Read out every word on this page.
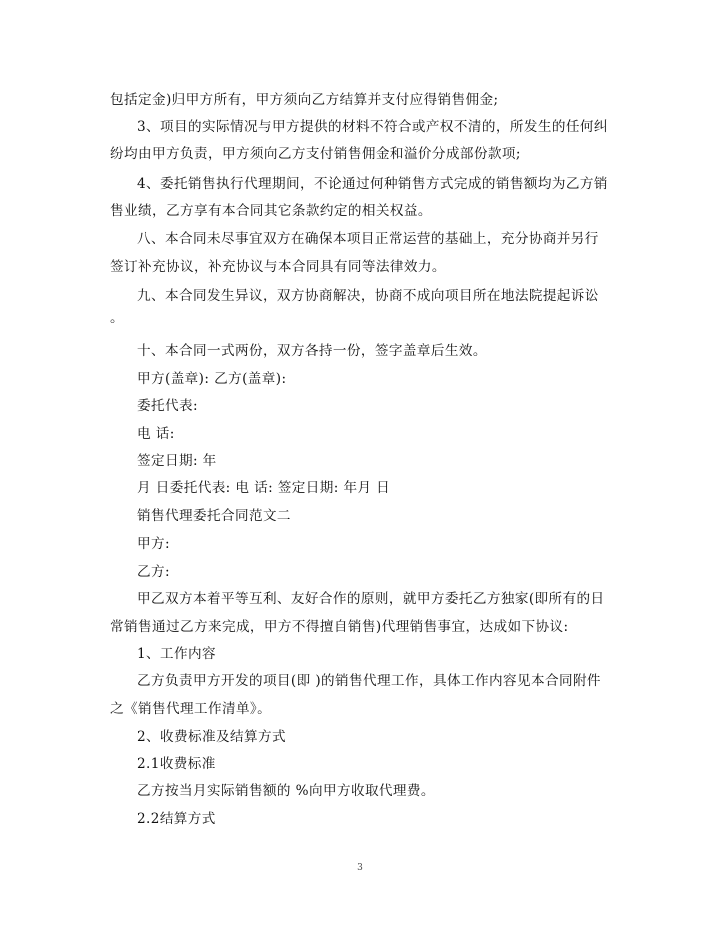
包括定金)归甲方所有，甲方须向乙方结算并支付应得销售佣金;
3、项目的实际情况与甲方提供的材料不符合或产权不清的，所发生的任何纠
纷均由甲方负责，甲方须向乙方支付销售佣金和溢价分成部份款项;
4、委托销售执行代理期间，不论通过何种销售方式完成的销售额均为乙方销
售业绩，乙方享有本合同其它条款约定的相关权益。
八、本合同未尽事宜双方在确保本项目正常运营的基础上，充分协商并另行
签订补充协议，补充协议与本合同具有同等法律效力。
九、本合同发生异议，双方协商解决，协商不成向项目所在地法院提起诉讼
。
十、本合同一式两份，双方各持一份，签字盖章后生效。
甲方(盖章): 乙方(盖章):
委托代表:
电 话:
签定日期: 年
月 日委托代表: 电 话: 签定日期: 年月 日
销售代理委托合同范文二
甲方:
乙方:
甲乙双方本着平等互利、友好合作的原则，就甲方委托乙方独家(即所有的日
常销售通过乙方来完成，甲方不得擅自销售)代理销售事宜，达成如下协议:
1、工作内容
乙方负责甲方开发的项目(即 )的销售代理工作，具体工作内容见本合同附件
之《销售代理工作清单》。
2、收费标准及结算方式
2.1收费标准
乙方按当月实际销售额的 %向甲方收取代理费。
2.2结算方式
3
